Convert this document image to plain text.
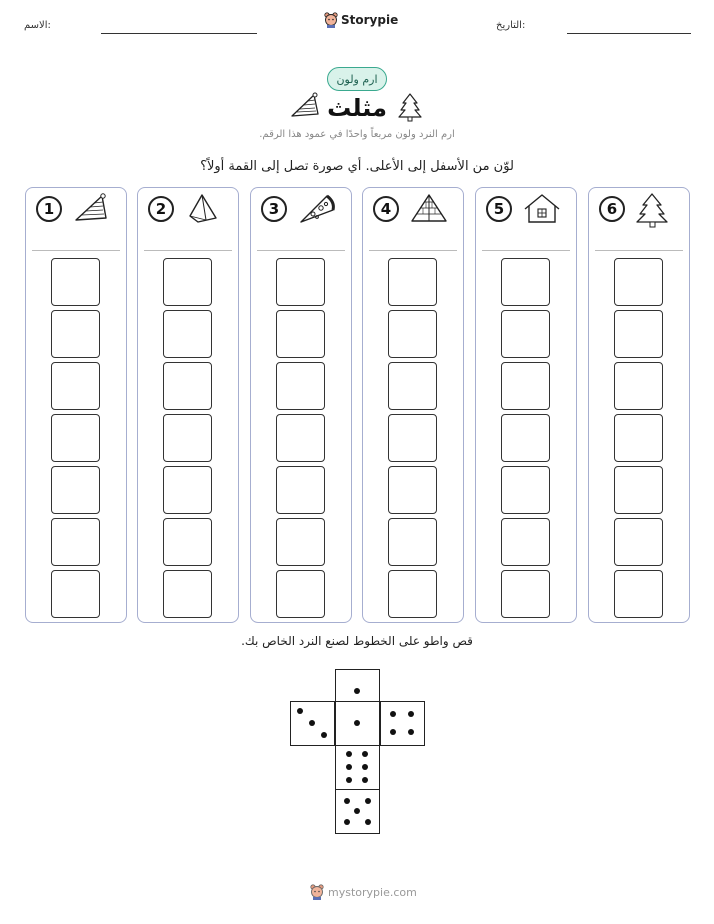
الاسم:	Storypie	التاريخ:
ارم ولون
مثلث
ارم النرد ولون مربعاً واحدًا في عمود هذا الرقم.
لوّن من الأسفل إلى الأعلى. أي صورة تصل إلى القمة أولاً؟
1	2	3	4	5	6
قص واطو على الخطوط لصنع النرد الخاص بك.
mystorypie.com
